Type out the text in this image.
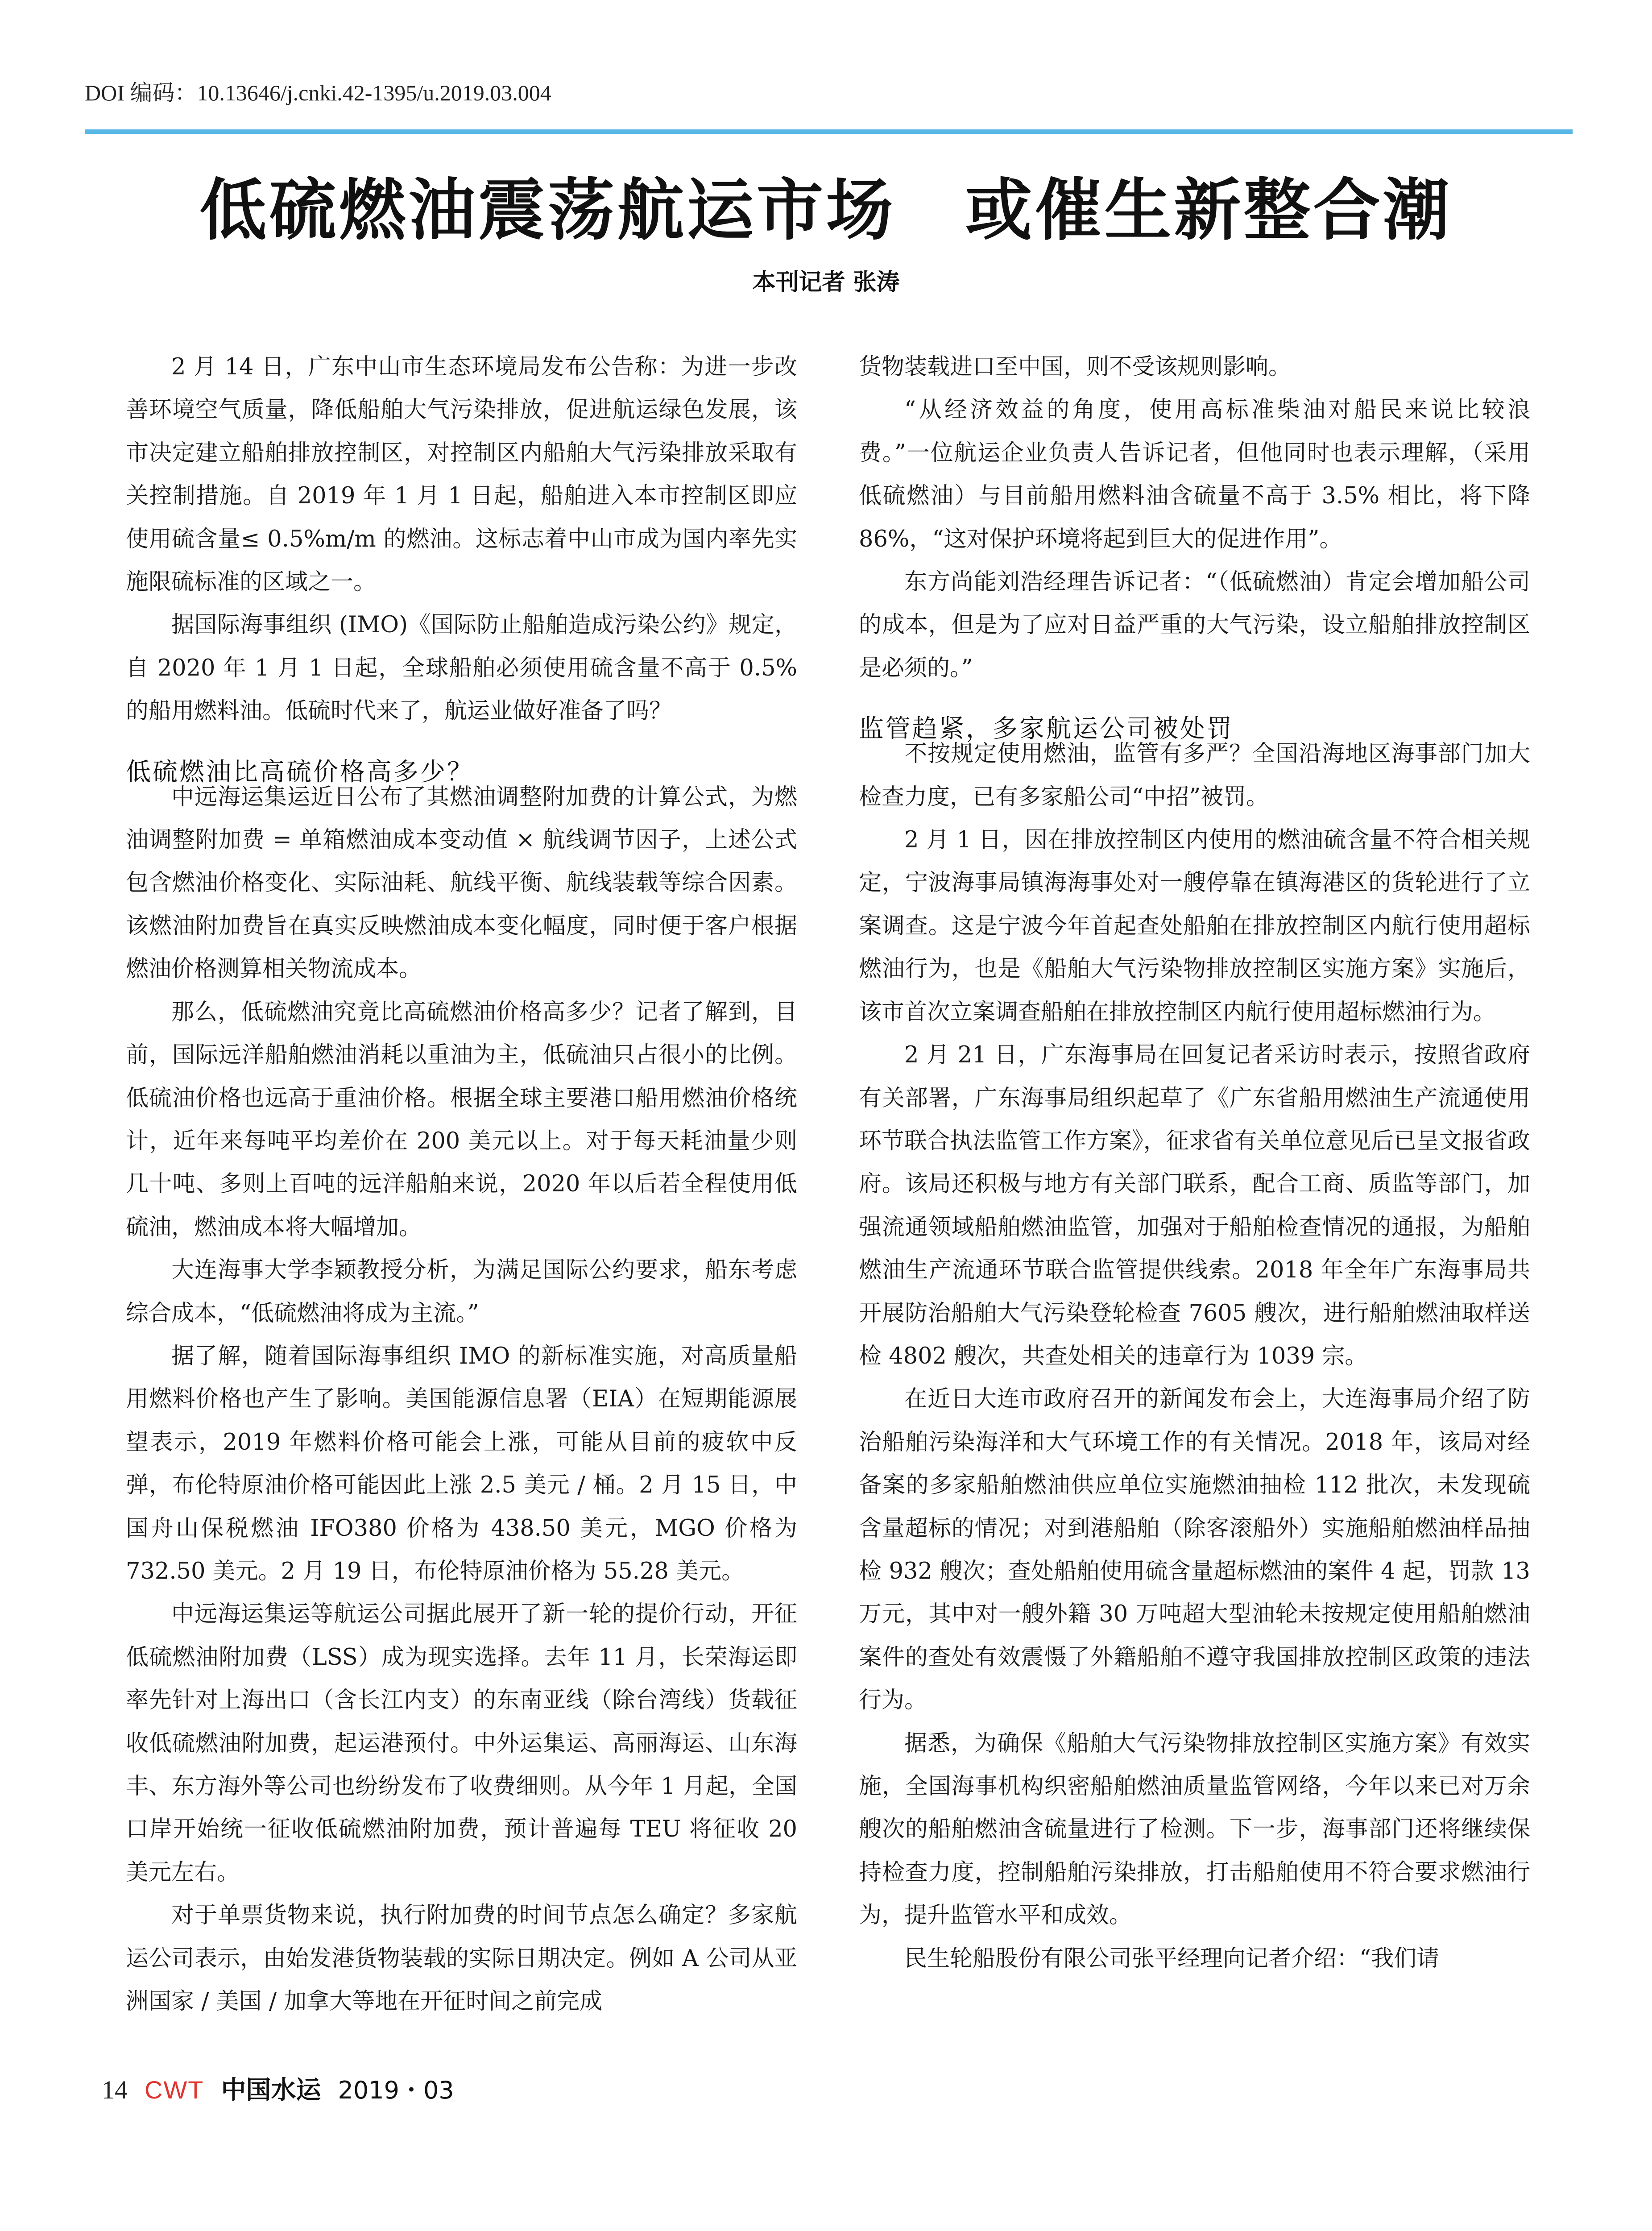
DOI 编码：10.13646/j.cnki.42-1395/u.2019.03.004
低硫燃油震荡航运市场　或催生新整合潮
本刊记者 张涛

2 月 14 日，广东中山市生态环境局发布公告称：为进一步改善环境空气质量，降低船舶大气污染排放，促进航运绿色发展，该市决定建立船舶排放控制区，对控制区内船舶大气污染排放采取有关控制措施。自 2019 年 1 月 1 日起，船舶进入本市控制区即应使用硫含量≤ 0.5%m/m 的燃油。这标志着中山市成为国内率先实施限硫标准的区域之一。

据国际海事组织 (IMO)《国际防止船舶造成污染公约》规定，自 2020 年 1 月 1 日起，全球船舶必须使用硫含量不高于 0.5% 的船用燃料油。低硫时代来了，航运业做好准备了吗？

低硫燃油比高硫价格高多少？

中远海运集运近日公布了其燃油调整附加费的计算公式，为燃油调整附加费 = 单箱燃油成本变动值 × 航线调节因子，上述公式包含燃油价格变化、实际油耗、航线平衡、航线装载等综合因素。该燃油附加费旨在真实反映燃油成本变化幅度，同时便于客户根据燃油价格测算相关物流成本。

那么，低硫燃油究竟比高硫燃油价格高多少？记者了解到，目前，国际远洋船舶燃油消耗以重油为主，低硫油只占很小的比例。低硫油价格也远高于重油价格。根据全球主要港口船用燃油价格统计，近年来每吨平均差价在 200 美元以上。对于每天耗油量少则几十吨、多则上百吨的远洋船舶来说，2020 年以后若全程使用低硫油，燃油成本将大幅增加。

大连海事大学李颖教授分析，为满足国际公约要求，船东考虑综合成本，“低硫燃油将成为主流。”

据了解，随着国际海事组织 IMO 的新标准实施，对高质量船用燃料价格也产生了影响。美国能源信息署（EIA）在短期能源展望表示，2019 年燃料价格可能会上涨，可能从目前的疲软中反弹，布伦特原油价格可能因此上涨 2.5 美元 / 桶。2 月 15 日，中国舟山保税燃油 IFO380 价格为 438.50 美元，MGO 价格为 732.50 美元。2 月 19 日，布伦特原油价格为 55.28 美元。

中远海运集运等航运公司据此展开了新一轮的提价行动，开征低硫燃油附加费（LSS）成为现实选择。去年 11 月，长荣海运即率先针对上海出口（含长江内支）的东南亚线（除台湾线）货载征收低硫燃油附加费，起运港预付。中外运集运、高丽海运、山东海丰、东方海外等公司也纷纷发布了收费细则。从今年 1 月起，全国口岸开始统一征收低硫燃油附加费，预计普遍每 TEU 将征收 20 美元左右。

对于单票货物来说，执行附加费的时间节点怎么确定？多家航运公司表示，由始发港货物装载的实际日期决定。例如 A 公司从亚洲国家 / 美国 / 加拿大等地在开征时间之前完成

货物装载进口至中国，则不受该规则影响。

“从经济效益的角度，使用高标准柴油对船民来说比较浪费。”一位航运企业负责人告诉记者，但他同时也表示理解，（采用低硫燃油）与目前船用燃料油含硫量不高于 3.5% 相比，将下降 86%，“这对保护环境将起到巨大的促进作用”。

东方尚能刘浩经理告诉记者：“（低硫燃油）肯定会增加船公司的成本，但是为了应对日益严重的大气污染，设立船舶排放控制区是必须的。”

监管趋紧，多家航运公司被处罚

不按规定使用燃油，监管有多严？全国沿海地区海事部门加大检查力度，已有多家船公司“中招”被罚。

2 月 1 日，因在排放控制区内使用的燃油硫含量不符合相关规定，宁波海事局镇海海事处对一艘停靠在镇海港区的货轮进行了立案调查。这是宁波今年首起查处船舶在排放控制区内航行使用超标燃油行为，也是《船舶大气污染物排放控制区实施方案》实施后，该市首次立案调查船舶在排放控制区内航行使用超标燃油行为。

2 月 21 日，广东海事局在回复记者采访时表示，按照省政府有关部署，广东海事局组织起草了《广东省船用燃油生产流通使用环节联合执法监管工作方案》，征求省有关单位意见后已呈文报省政府。该局还积极与地方有关部门联系，配合工商、质监等部门，加强流通领域船舶燃油监管，加强对于船舶检查情况的通报，为船舶燃油生产流通环节联合监管提供线索。2018 年全年广东海事局共开展防治船舶大气污染登轮检查 7605 艘次，进行船舶燃油取样送检 4802 艘次，共查处相关的违章行为 1039 宗。

在近日大连市政府召开的新闻发布会上，大连海事局介绍了防治船舶污染海洋和大气环境工作的有关情况。2018 年，该局对经备案的多家船舶燃油供应单位实施燃油抽检 112 批次，未发现硫含量超标的情况；对到港船舶（除客滚船外）实施船舶燃油样品抽检 932 艘次；查处船舶使用硫含量超标燃油的案件 4 起，罚款 13 万元，其中对一艘外籍 30 万吨超大型油轮未按规定使用船舶燃油案件的查处有效震慑了外籍船舶不遵守我国排放控制区政策的违法行为。

据悉，为确保《船舶大气污染物排放控制区实施方案》有效实施，全国海事机构织密船舶燃油质量监管网络，今年以来已对万余艘次的船舶燃油含硫量进行了检测。下一步，海事部门还将继续保持检查力度，控制船舶污染排放，打击船舶使用不符合要求燃油行为，提升监管水平和成效。

民生轮船股份有限公司张平经理向记者介绍：“我们请

14 CWT 中国水运 2019・03
